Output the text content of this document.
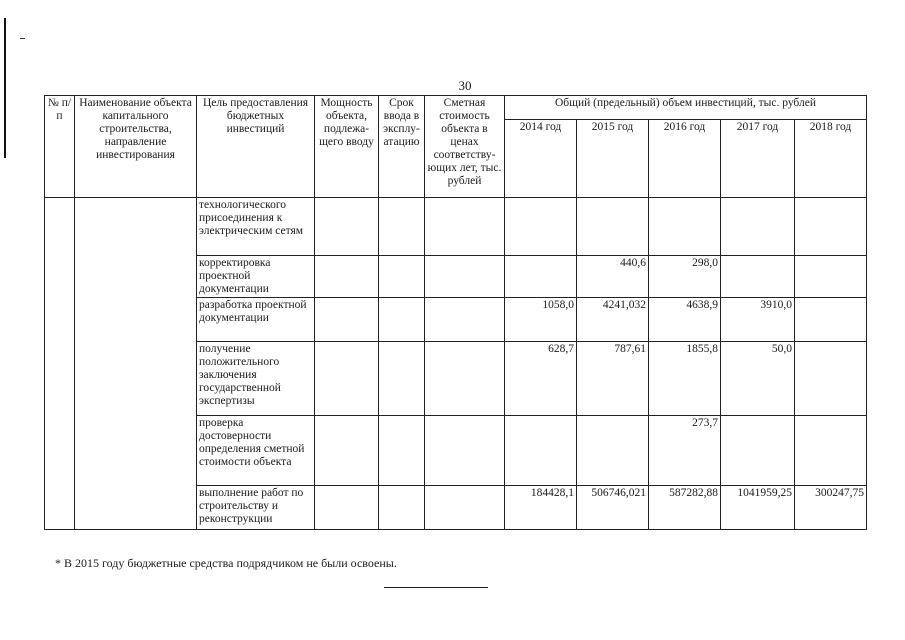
30
№ п/п	Наименование объекта капитального строительства, направление инвестирования	Цель предоставления бюджетных инвестиций	Мощность объекта, подлежа-щего вводу	Срок ввода в эксплу-атацию	Сметная стоимость объекта в ценах соответству-ющих лет, тыс. рублей	Общий (предельный) объем инвестиций, тыс. рублей				
						2014 год	2015 год	2016 год	2017 год	2018 год
		технологического присоединения к электрическим сетям								
		корректировка проектной документации					440,6	298,0		
		разработка проектной документации				1058,0	4241,032	4638,9	3910,0	
		получение положительного заключения государственной экспертизы				628,7	787,61	1855,8	50,0	
		проверка достоверности определения сметной стоимости объекта						273,7		
		выполнение работ по строительству и реконструкции				184428,1	506746,021	587282,88	1041959,25	300247,75
* В 2015 году бюджетные средства подрядчиком не были освоены.
